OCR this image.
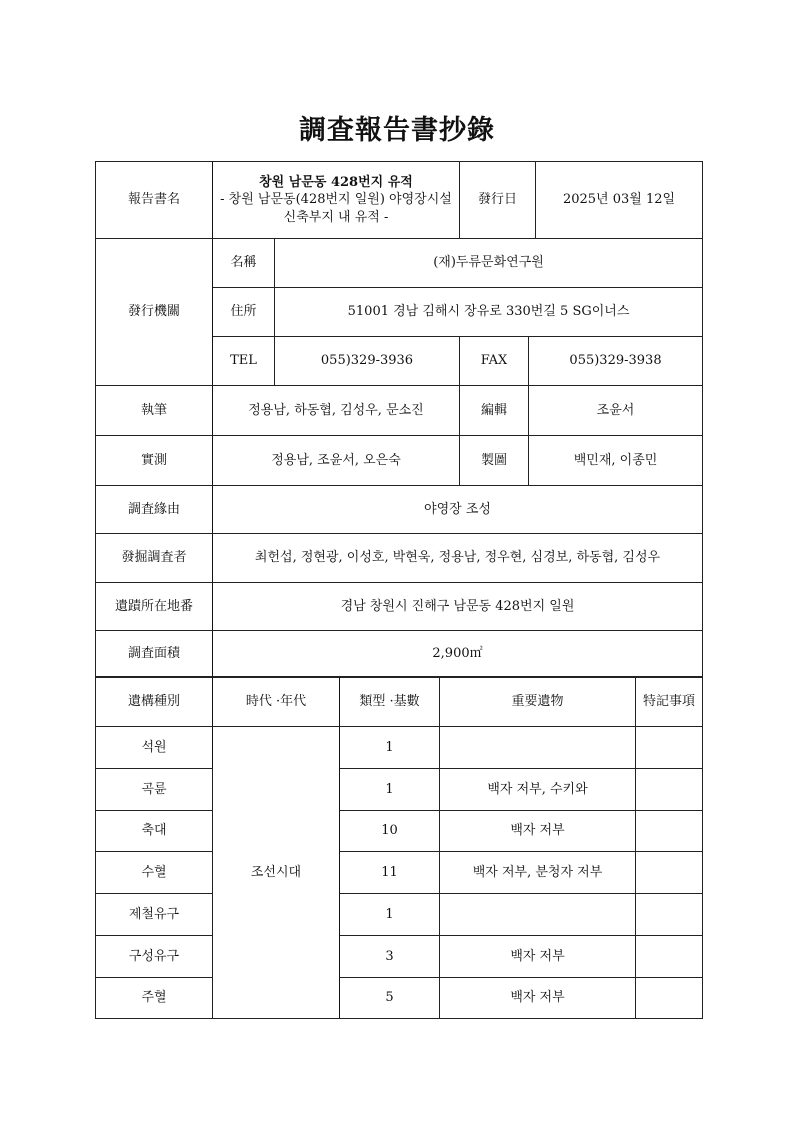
調査報告書抄錄
報告書名	창원 남문동 428번지 유적
- 창원 남문동(428번지 일원) 야영장시설
신축부지 내 유적 -		發行日		2025년 03월 12일
發行機關	名稱	(재)두류문화연구원			
	住所	51001 경남 김해시 장유로 330번길 5 SG이너스			
	TEL	055)329-3936	FAX	055)329-3938	
執筆	정용남, 하동협, 김성우, 문소진		編輯	조윤서	
實測	정용남, 조윤서, 오은숙		製圖	백민재, 이종민	
調査緣由	야영장 조성				
發掘調査者	최헌섭, 정현광, 이성호, 박현욱, 정용남, 정우현, 심경보, 하동협, 김성우				
遺蹟所在地番	경남 창원시 진해구 남문동 428번지 일원				
調査面積	2,900㎡				
遺構種別	時代 ·年代	類型 ·基數	重要遺物	特記事項
석원	조선시대	1		
곡륜		1	백자 저부, 수키와	
축대		10	백자 저부	
수혈		11	백자 저부, 분청자 저부	
제철유구		1		
구성유구		3	백자 저부	
주혈		5	백자 저부	
